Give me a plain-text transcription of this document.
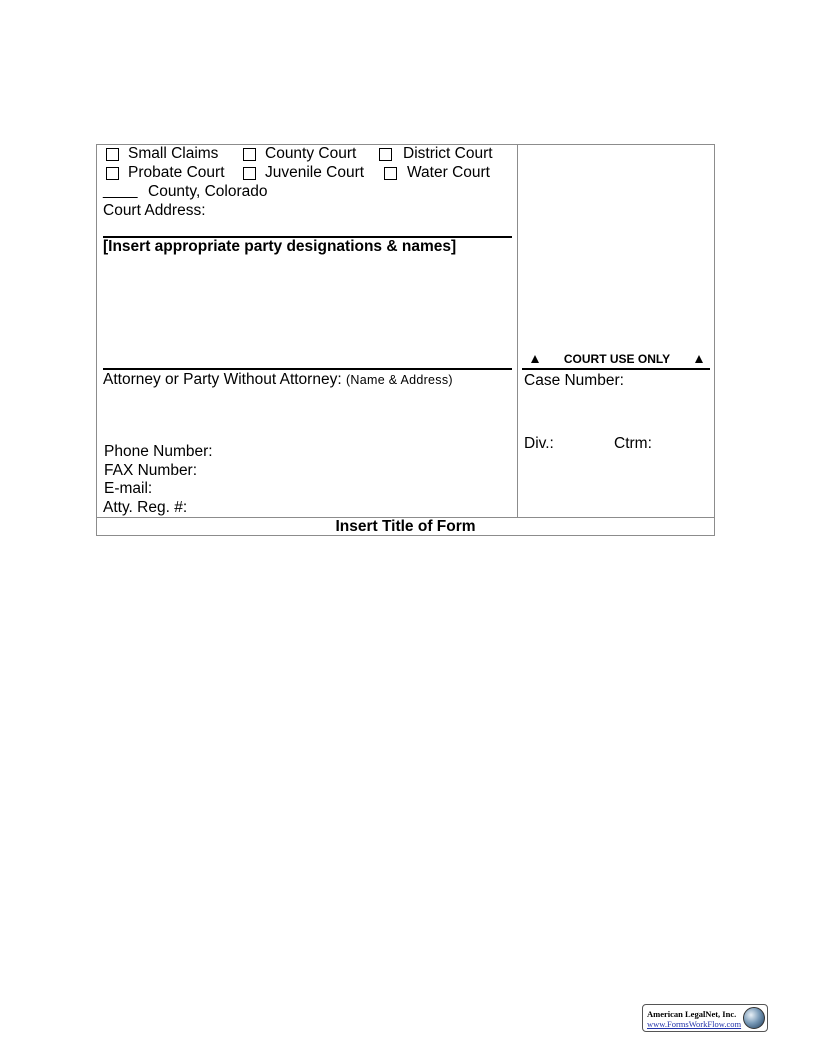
Small Claims	County Court	District Court
Probate Court	Juvenile Court	Water Court
____ County, Colorado
Court Address:
[Insert appropriate party designations & names]
COURT USE ONLY
Attorney or Party Without Attorney: (Name & Address)
Phone Number:
FAX Number:
E-mail:
Atty. Reg. #:
Case Number:
Div.:	Ctrm:
Insert Title of Form
American LegalNet, Inc.
www.FormsWorkFlow.com
